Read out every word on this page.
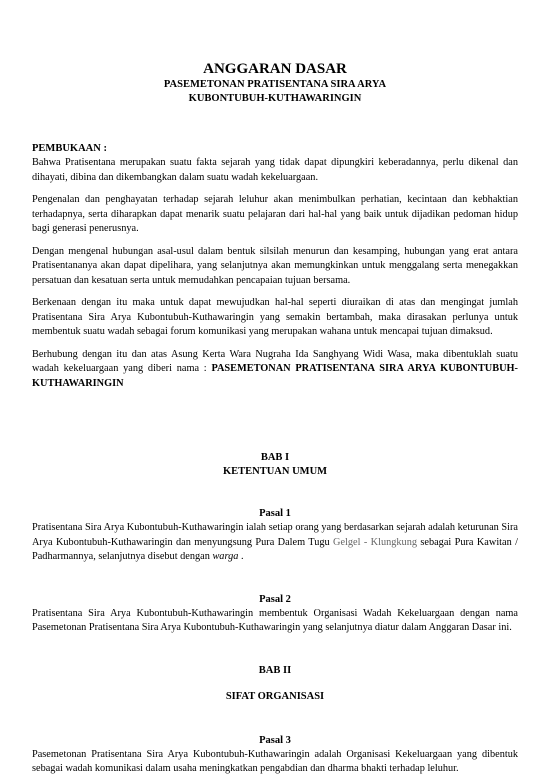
ANGGARAN DASAR
PASEMETONAN PRATISENTANA SIRA ARYA
KUBONTUBUH-KUTHAWARINGIN
PEMBUKAAN :

Bahwa Pratisentana merupakan suatu fakta sejarah yang tidak dapat dipungkiri keberadannya, perlu dikenal dan dihayati, dibina dan dikembangkan dalam suatu wadah kekeluargaan.

Pengenalan dan penghayatan terhadap sejarah leluhur akan menimbulkan perhatian, kecintaan dan kebhaktian terhadapnya, serta diharapkan dapat menarik suatu pelajaran dari hal-hal yang baik untuk dijadikan pedoman hidup bagi generasi penerusnya.

Dengan mengenal hubungan asal-usul dalam bentuk silsilah menurun dan kesamping, hubungan yang erat antara Pratisentananya akan dapat dipelihara, yang selanjutnya akan memungkinkan untuk menggalang serta menegakkan persatuan dan kesatuan serta untuk memudahkan pencapaian tujuan bersama.

Berkenaan dengan itu maka untuk dapat mewujudkan hal-hal seperti diuraikan di atas dan mengingat jumlah Pratisentana Sira Arya Kubontubuh-Kuthawaringin yang semakin bertambah, maka dirasakan perlunya untuk membentuk suatu wadah sebagai forum komunikasi yang merupakan wahana untuk mencapai tujuan dimaksud.

Berhubung dengan itu dan atas Asung Kerta Wara Nugraha Ida Sanghyang Widi Wasa, maka dibentuklah suatu wadah kekeluargaan yang diberi nama : PASEMETONAN PRATISENTANA SIRA ARYA KUBONTUBUH-KUTHAWARINGIN

BAB I
KETENTUAN UMUM
Pasal 1

Pratisentana Sira Arya Kubontubuh-Kuthawaringin ialah setiap orang yang berdasarkan sejarah adalah keturunan Sira Arya Kubontubuh-Kuthawaringin dan menyungsung Pura Dalem Tugu Gelgel - Klungkung sebagai Pura Kawitan / Padharmannya, selanjutnya disebut dengan warga .

Pasal 2

Pratisentana Sira Arya Kubontubuh-Kuthawaringin membentuk Organisasi Wadah Kekeluargaan dengan nama Pasemetonan Pratisentana Sira Arya Kubontubuh-Kuthawaringin yang selanjutnya diatur dalam Anggaran Dasar ini.

BAB II
SIFAT ORGANISASI
Pasal 3

Pasemetonan Pratisentana Sira Arya Kubontubuh-Kuthawaringin adalah Organisasi Kekeluargaan yang dibentuk sebagai wadah komunikasi dalam usaha meningkatkan pengabdian dan dharma bhakti terhadap leluhur.
